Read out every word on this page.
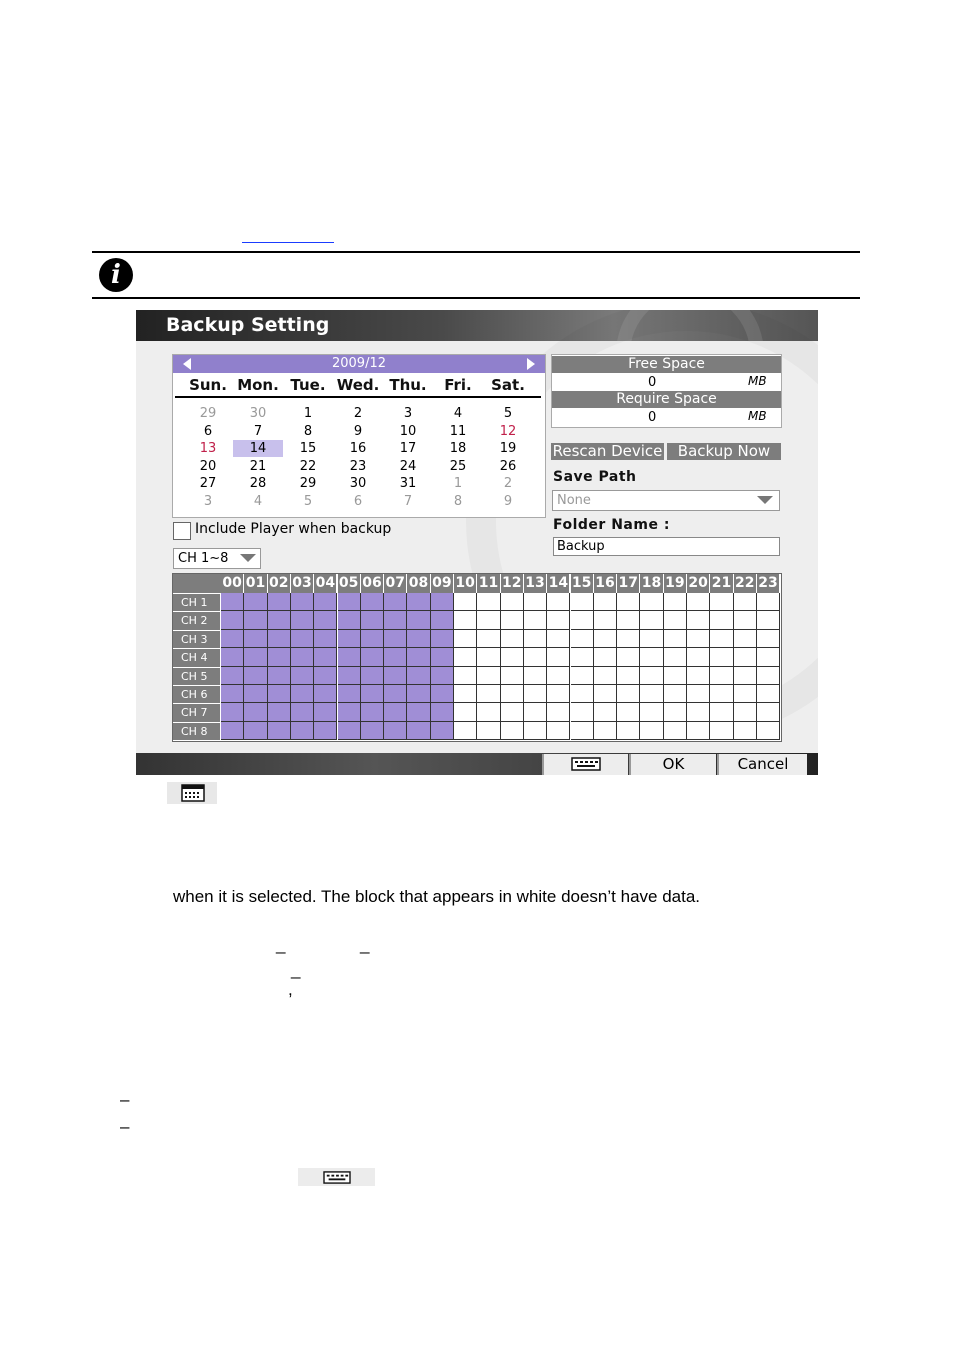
i
Backup Setting
2009/12
Sun. Mon. Tue. Wed. Thu.	Fri.	Sat.
29	30	1	2	3	4	5
6	7	8	9	10	11	12
13	14	15	16	17	18	19
20	21	22	23	24	25	26
27	28	29	30	31	1	2
3	4	5	6	7	8	9
Free Space
0	MB
Require Space
0	MB
Rescan Device	Backup Now
Save Path
None
Folder Name :
Backup
Include Player when backup
CH 1~8
00 01 02 03 04 05 06 07 08 09 10 11 12 13 14 15 16 17 18 19 20 21 22 23
CH 1
CH 2
CH 3
CH 4
CH 5
CH 6
CH 7
CH 8
OK	Cancel
when it is selected. The block that appears in white doesn’t have data.
_	_
_
,
–
–
